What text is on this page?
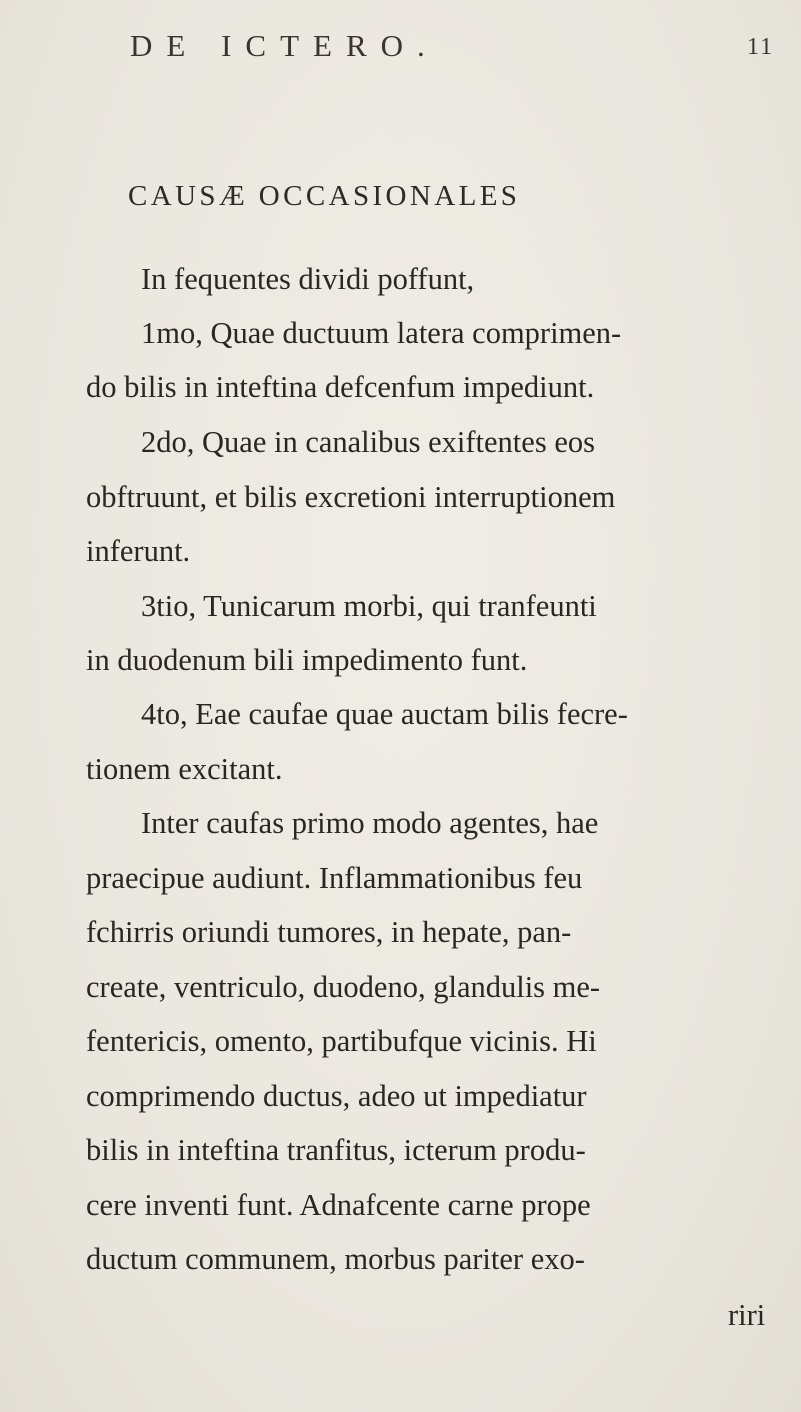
DE ICTERO.	11
CAUSÆ OCCASIONALES
In fequentes dividi poffunt,
1mo, Quae ductuum latera comprimen-
do bilis in inteftina defcenfum impediunt.
2do, Quae in canalibus exiftentes eos
obftruunt, et bilis excretioni interruptionem
inferunt.
3tio, Tunicarum morbi, qui tranfeunti
in duodenum bili impedimento funt.
4to, Eae caufae quae auctam bilis fecre-
tionem excitant.
Inter caufas primo modo agentes, hae
praecipue audiunt. Inflammationibus feu
fchirris oriundi tumores, in hepate, pan-
create, ventriculo, duodeno, glandulis me-
fentericis, omento, partibufque vicinis. Hi
comprimendo ductus, adeo ut impediatur
bilis in inteftina tranfitus, icterum produ-
cere inventi funt. Adnafcente carne prope
ductum communem, morbus pariter exo-
riri
